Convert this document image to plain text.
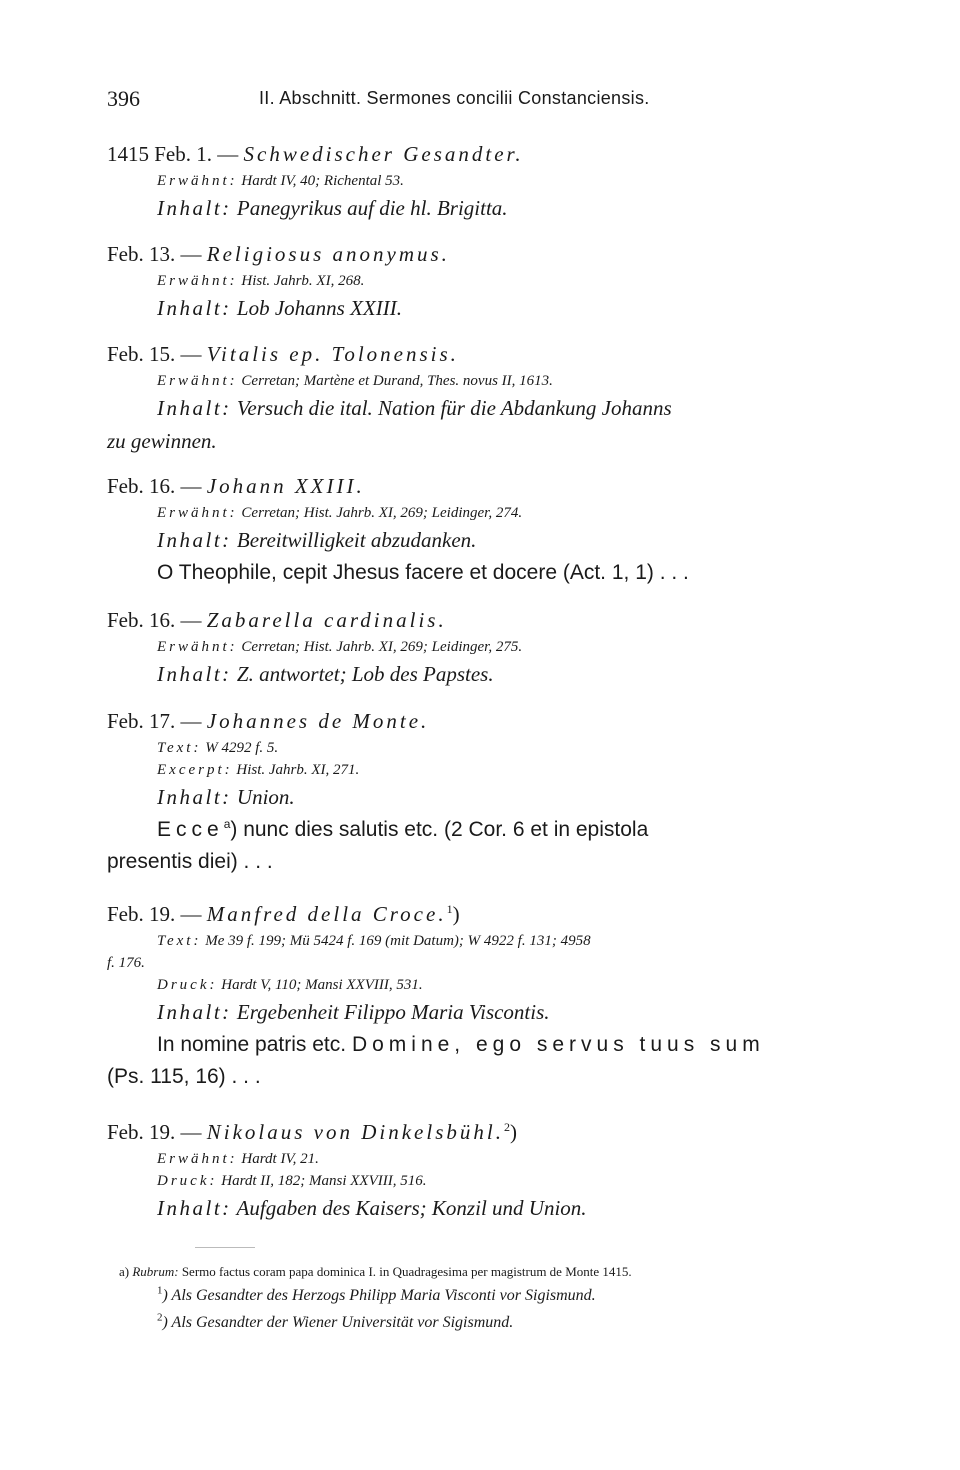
396	II. Abschnitt. Sermones concilii Constanciensis.
1415 Feb. 1. — Schwedischer Gesandter.
Erwähnt: Hardt IV, 40; Richental 53.
Inhalt: Panegyrikus auf die hl. Brigitta.
Feb. 13. — Religiosus anonymus.
Erwähnt: Hist. Jahrb. XI, 268.
Inhalt: Lob Johanns XXIII.
Feb. 15. — Vitalis ep. Tolonensis.
Erwähnt: Cerretan; Martène et Durand, Thes. novus II, 1613.
Inhalt: Versuch die ital. Nation für die Abdankung Johanns
zu gewinnen.
Feb. 16. — Johann XXIII.
Erwähnt: Cerretan; Hist. Jahrb. XI, 269; Leidinger, 274.
Inhalt: Bereitwilligkeit abzudanken.
O Theophile, cepit Jhesus facere et docere (Act. 1, 1) . . .
Feb. 16. — Zabarella cardinalis.
Erwähnt: Cerretan; Hist. Jahrb. XI, 269; Leidinger, 275.
Inhalt: Z. antwortet; Lob des Papstes.
Feb. 17. — Johannes de Monte.
Text: W 4292 f. 5.
Excerpt: Hist. Jahrb. XI, 271.
Inhalt: Union.
Ecce$^a$) nunc dies salutis etc. (2 Cor. 6 et in epistola
presentis diei) . . .
Feb. 19. — Manfred della Croce.$^1$)
Text: Me 39 f. 199; Mü 5424 f. 169 (mit Datum); W 4922 f. 131; 4958
f. 176.
Druck: Hardt V, 110; Mansi XXVIII, 531.
Inhalt: Ergebenheit Filippo Maria Viscontis.
In nomine patris etc. Domine, ego servus tuus sum
(Ps. 115, 16) . . .
Feb. 19. — Nikolaus von Dinkelsbühl.$^2$)
Erwähnt: Hardt IV, 21.
Druck: Hardt II, 182; Mansi XXVIII, 516.
Inhalt: Aufgaben des Kaisers; Konzil und Union.
a) Rubrum: Sermo factus coram papa dominica I. in Quadragesima per magistrum de Monte 1415.
$^1$) Als Gesandter des Herzogs Philipp Maria Visconti vor Sigismund.
$^2$) Als Gesandter der Wiener Universität vor Sigismund.
